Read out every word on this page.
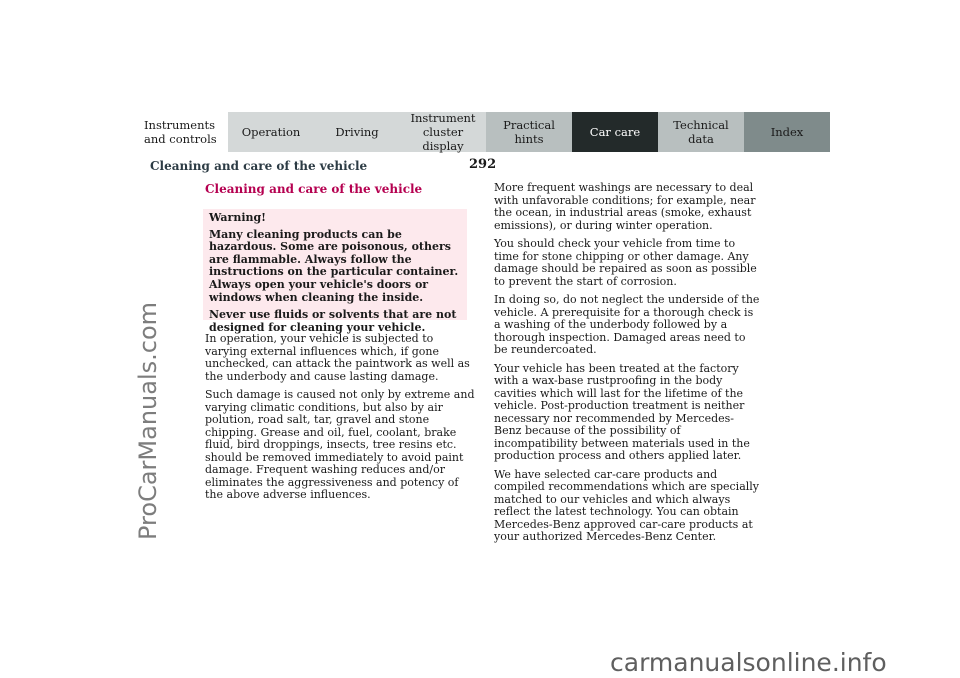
Instruments
and controls	Operation	Driving
Instrument
cluster display
Practical hints	Car care	Technical
data	Index
Cleaning and care of the vehicle	292
ProCarManuals.com
Cleaning and care of the vehicle

Warning!

Many cleaning products can be hazardous. Some are poisonous, others are flammable. Always follow the instructions on the particular container. Always open your vehicle's doors or windows when cleaning the inside.

Never use fluids or solvents that are not designed for cleaning your vehicle.

In operation, your vehicle is subjected to varying external influences which, if gone unchecked, can attack the paintwork as well as the underbody and cause lasting damage.

Such damage is caused not only by extreme and varying climatic conditions, but also by air polution, road salt, tar, gravel and stone chipping. Grease and oil, fuel, coolant, brake fluid, bird droppings, insects, tree resins etc. should be removed immediately to avoid paint damage. Frequent washing reduces and/or eliminates the aggressiveness and potency of the above adverse influences.

More frequent washings are necessary to deal with unfavorable conditions; for example, near the ocean, in industrial areas (smoke, exhaust emissions), or during winter operation.

You should check your vehicle from time to time for stone chipping or other damage. Any damage should be repaired as soon as possible to prevent the start of corrosion.

In doing so, do not neglect the underside of the vehicle. A prerequisite for a thorough check is a washing of the underbody followed by a thorough inspection. Damaged areas need to be reundercoated.

Your vehicle has been treated at the factory with a wax-base rustproofing in the body cavities which will last for the lifetime of the vehicle. Post-production treatment is neither necessary nor recommended by Mercedes-Benz because of the possibility of incompatibility between materials used in the production process and others applied later.

We have selected car-care products and compiled recommendations which are specially matched to our vehicles and which always reflect the latest technology. You can obtain Mercedes-Benz approved car-care products at your authorized Mercedes-Benz Center.

carmanualsonline.info
